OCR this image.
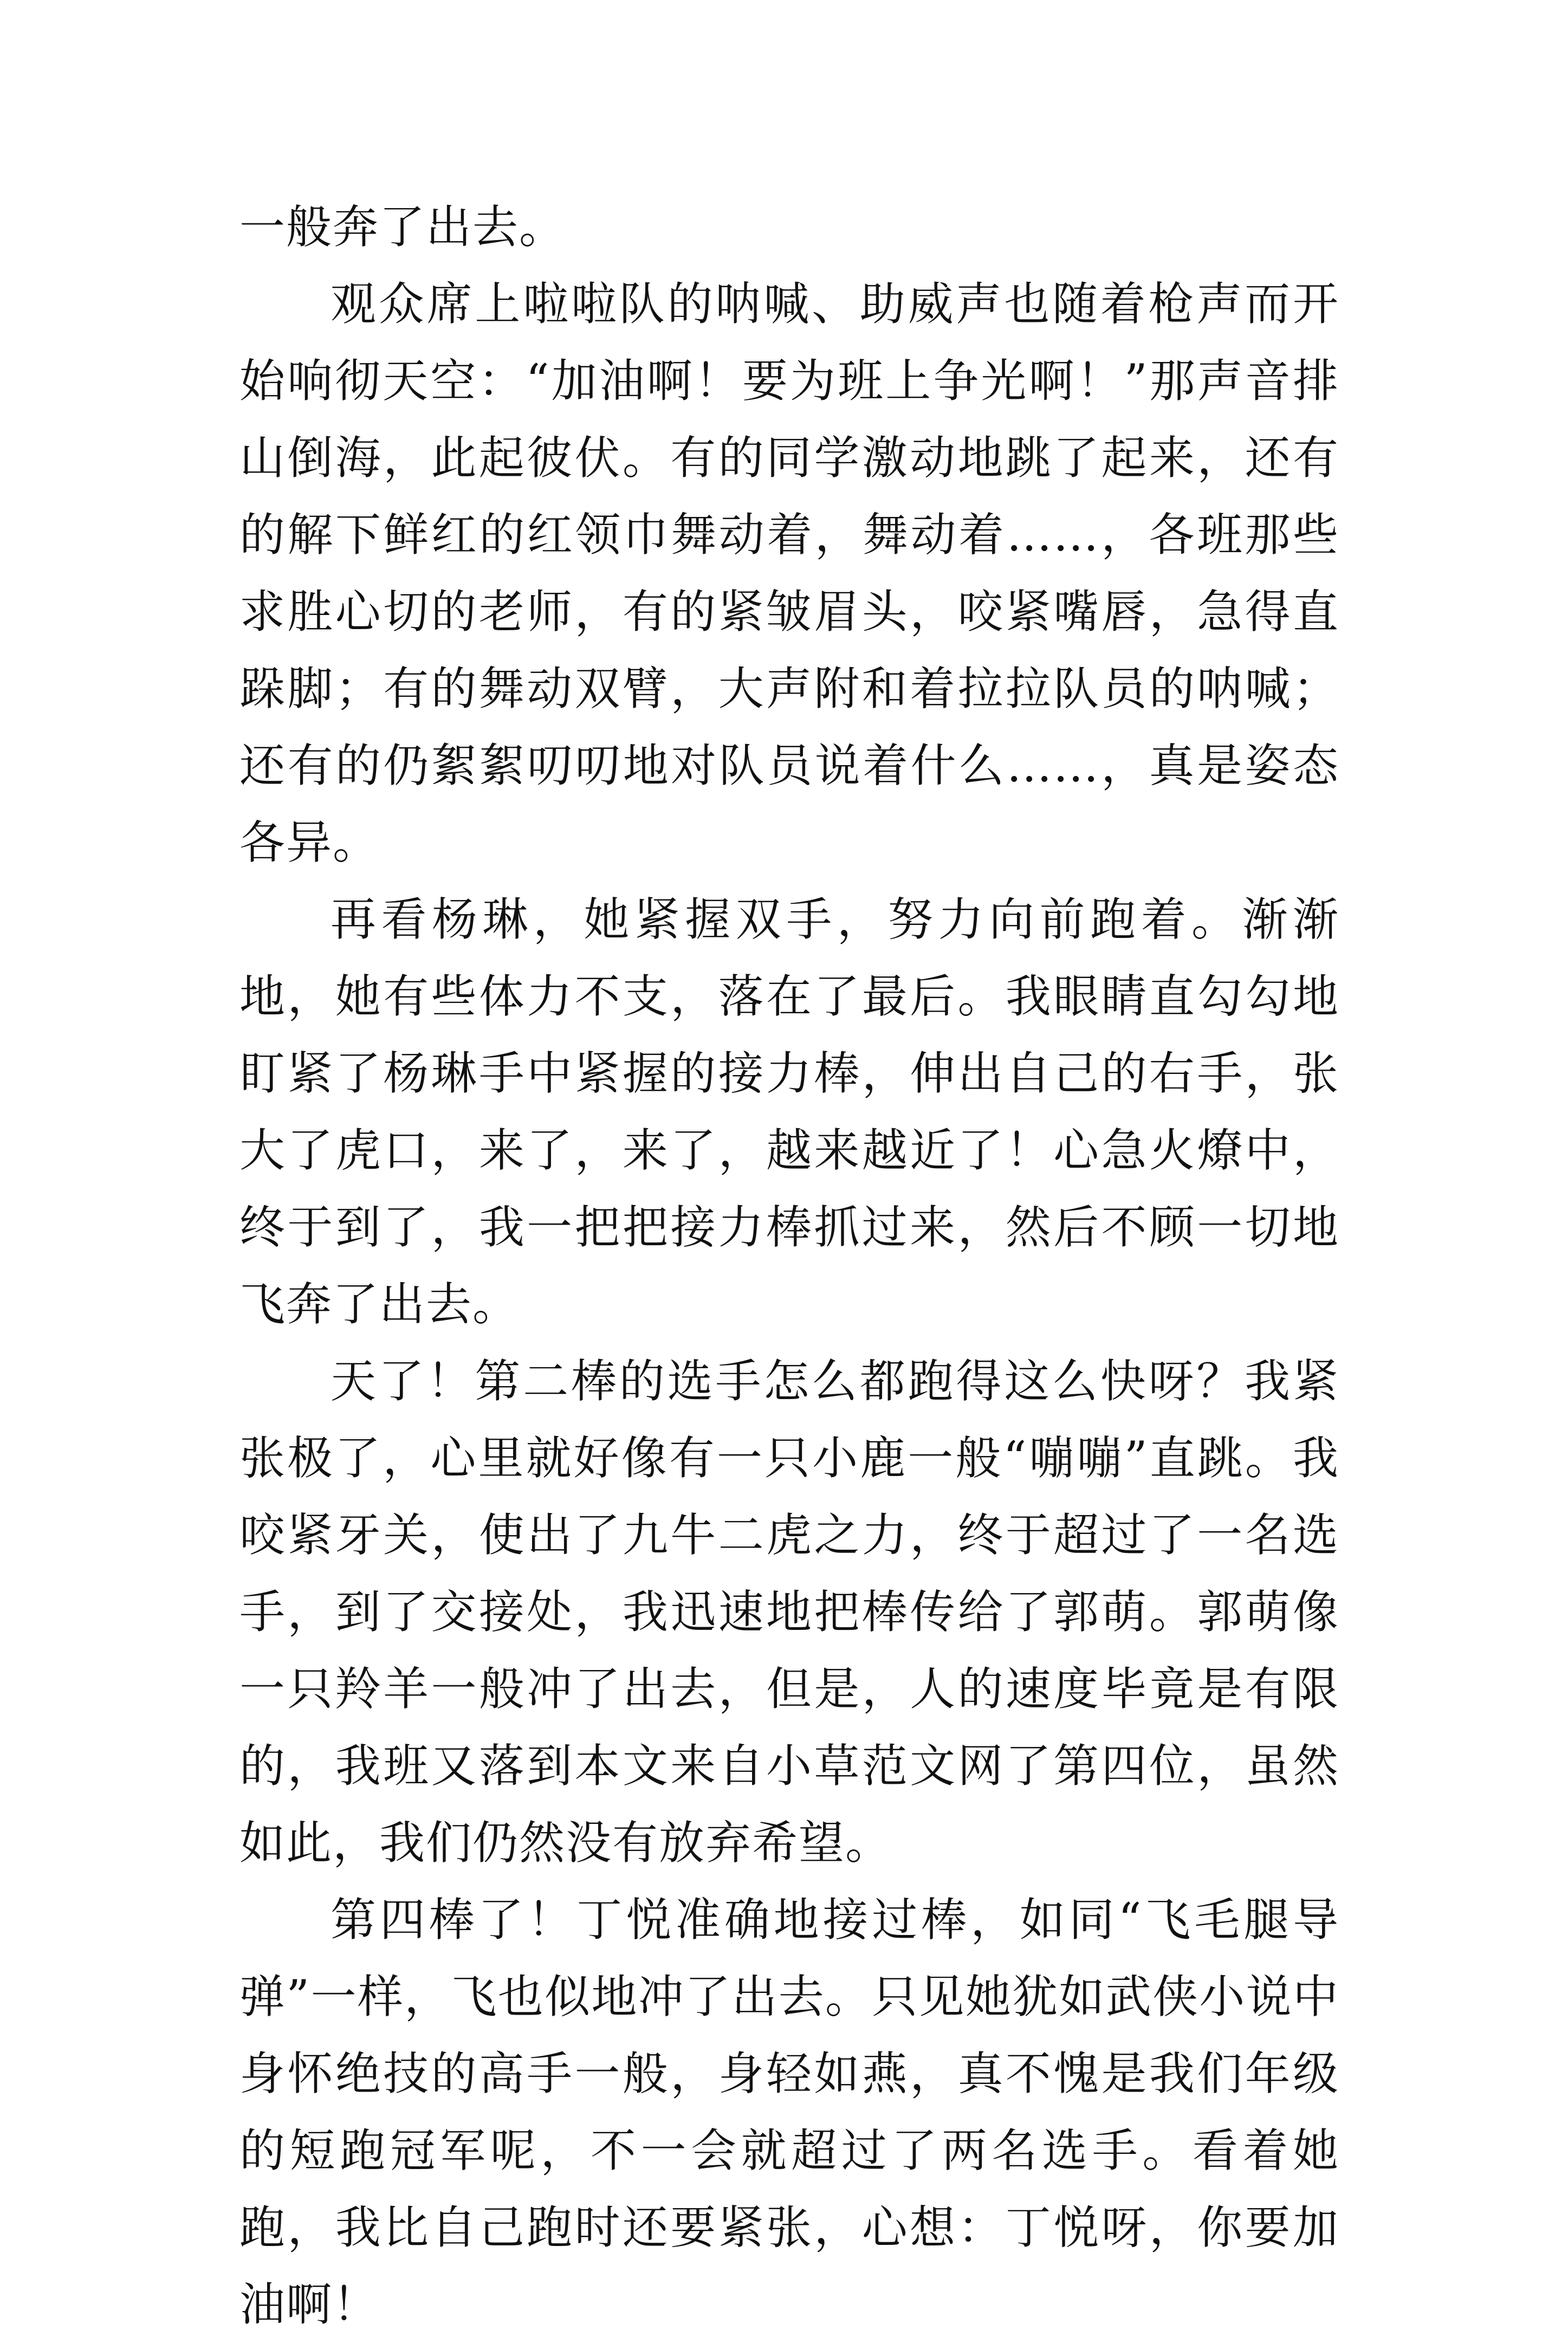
一般奔了出去。

观众席上啦啦队的呐喊、助威声也随着枪声而开始响彻天空：“加油啊！要为班上争光啊！”那声音排山倒海，此起彼伏。有的同学激动地跳了起来，还有的解下鲜红的红领巾舞动着，舞动着……，各班那些求胜心切的老师，有的紧皱眉头，咬紧嘴唇，急得直跺脚；有的舞动双臂，大声附和着拉拉队员的呐喊；还有的仍絮絮叨叨地对队员说着什么……，真是姿态各异。

再看杨琳，她紧握双手，努力向前跑着。渐渐地，她有些体力不支，落在了最后。我眼睛直勾勾地盯紧了杨琳手中紧握的接力棒，伸出自己的右手，张大了虎口，来了，来了，越来越近了！心急火燎中，终于到了，我一把把接力棒抓过来，然后不顾一切地飞奔了出去。

天了！第二棒的选手怎么都跑得这么快呀？我紧张极了，心里就好像有一只小鹿一般“嘣嘣”直跳。我咬紧牙关，使出了九牛二虎之力，终于超过了一名选手，到了交接处，我迅速地把棒传给了郭萌。郭萌像一只羚羊一般冲了出去，但是，人的速度毕竟是有限的，我班又落到本文来自小草范文网了第四位，虽然如此，我们仍然没有放弃希望。

第四棒了！丁悦准确地接过棒，如同“飞毛腿导弹”一样，飞也似地冲了出去。只见她犹如武侠小说中身怀绝技的高手一般，身轻如燕，真不愧是我们年级的短跑冠军呢，不一会就超过了两名选手。看着她跑，我比自己跑时还要紧张，心想：丁悦呀，你要加油啊！
